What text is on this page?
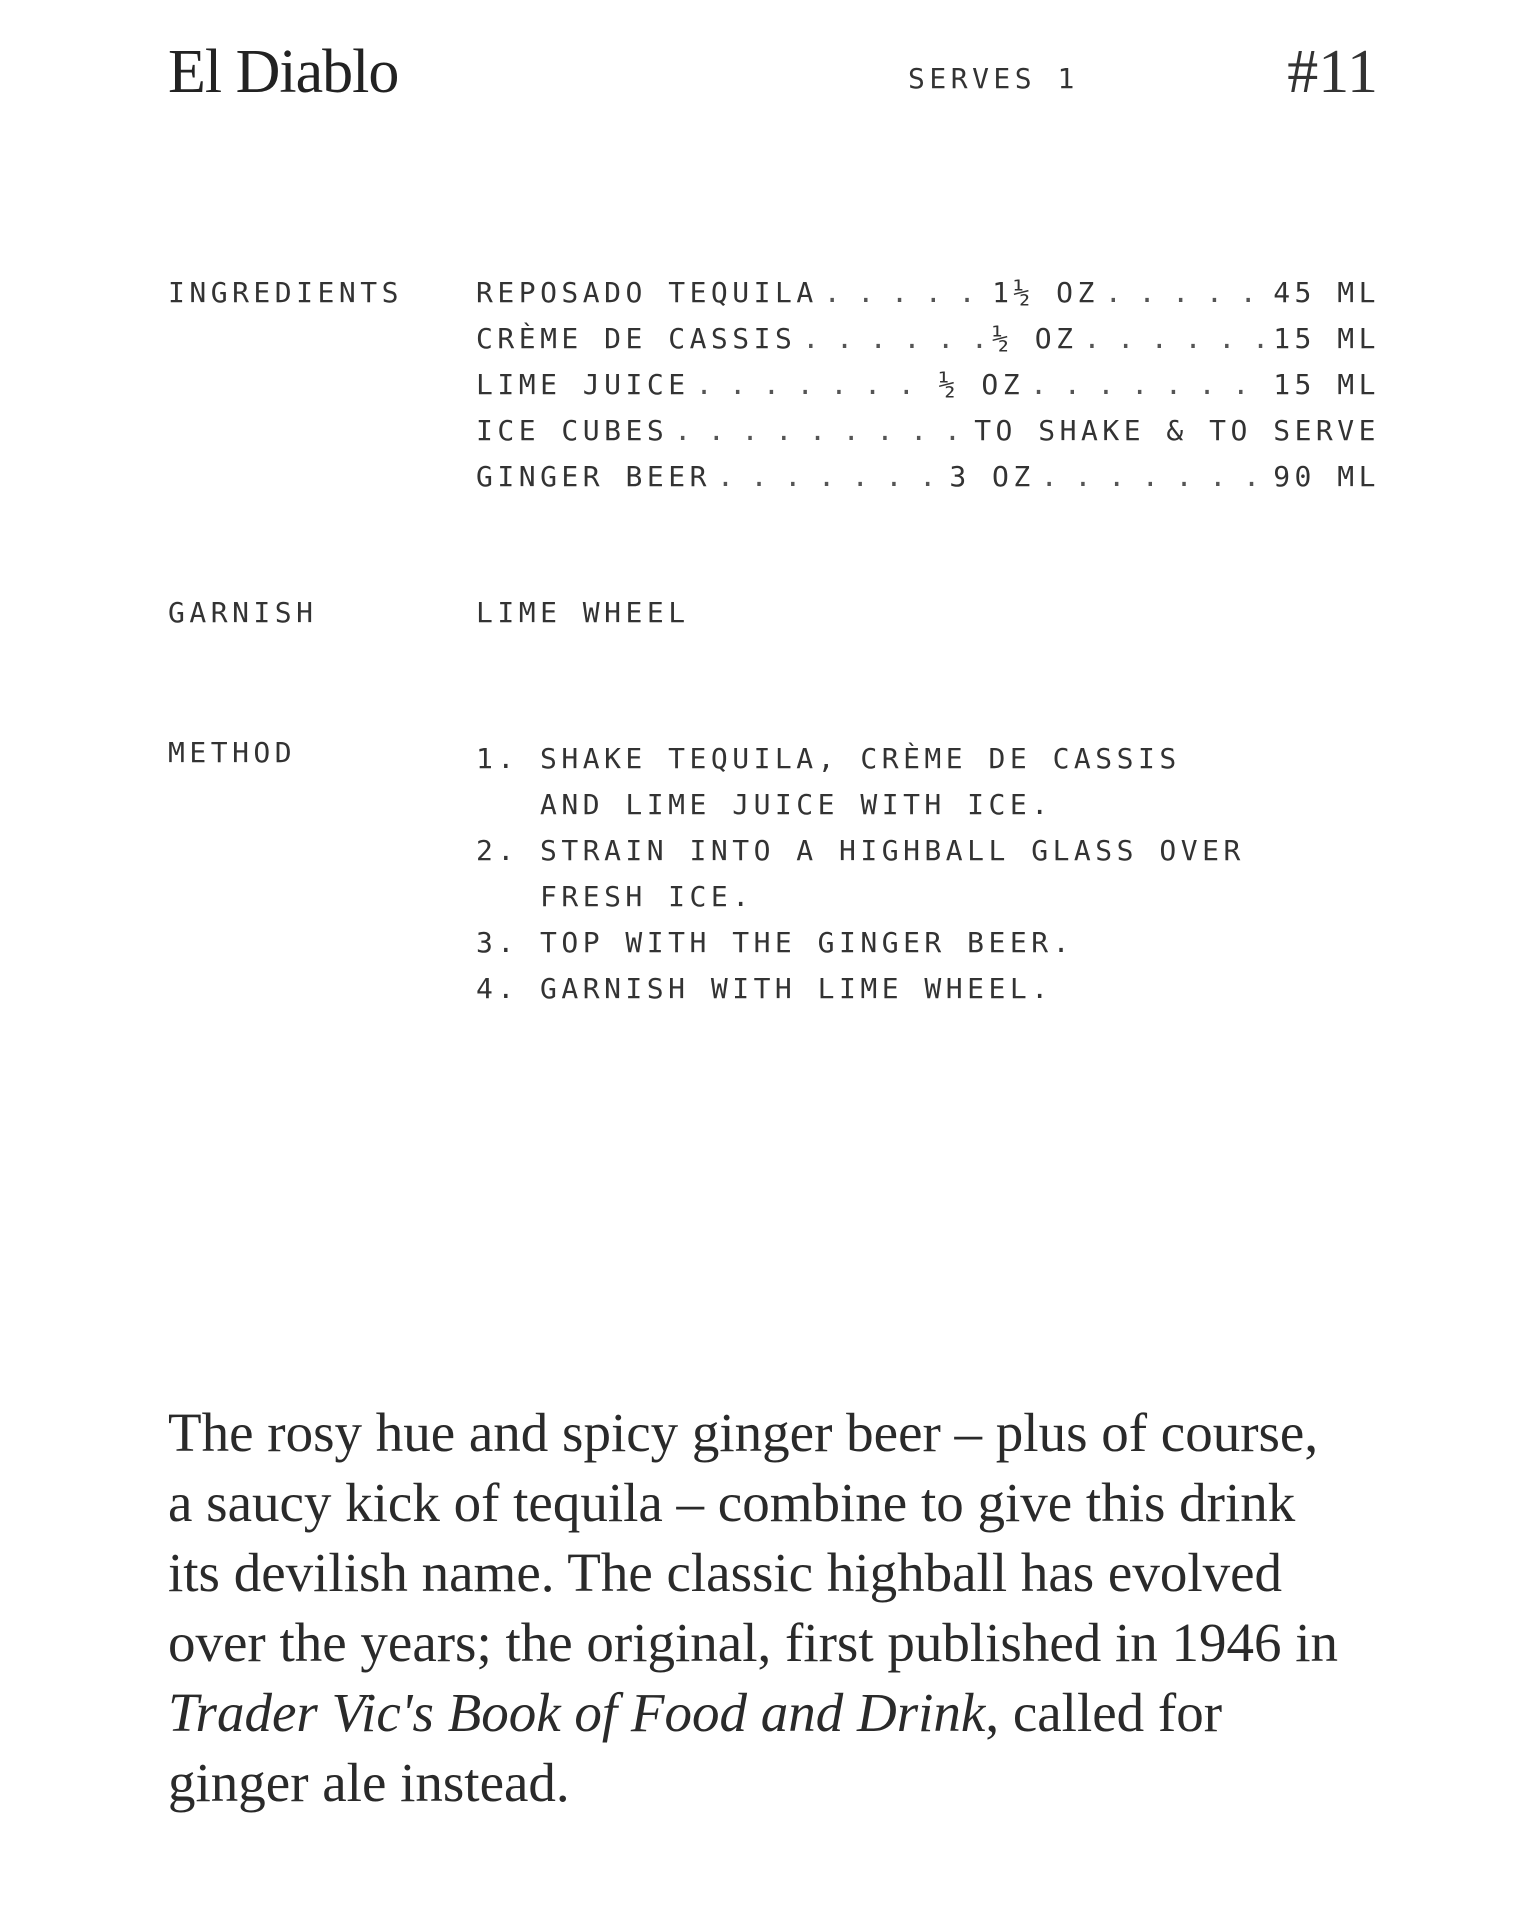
El Diablo	SERVES 1	#11
INGREDIENTS	REPOSADO TEQUILA . . .	1½ OZ . . .	45 ML
CRÈME DE CASSIS . . .	½ OZ . . .	15 ML
LIME JUICE . . .	½ OZ . . .	15 ML
ICE CUBES . . .	TO SHAKE & TO SERVE
GINGER BEER . . .	3 OZ . . .	90 ML
GARNISH	LIME WHEEL
METHOD	1. SHAKE TEQUILA, CRÈME DE CASSIS AND LIME JUICE WITH ICE.
2. STRAIN INTO A HIGHBALL GLASS OVER FRESH ICE.
3. TOP WITH THE GINGER BEER.
4. GARNISH WITH LIME WHEEL.

The rosy hue and spicy ginger beer – plus of course, a saucy kick of tequila – combine to give this drink its devilish name. The classic highball has evolved over the years; the original, first published in 1946 in Trader Vic's Book of Food and Drink, called for ginger ale instead.
